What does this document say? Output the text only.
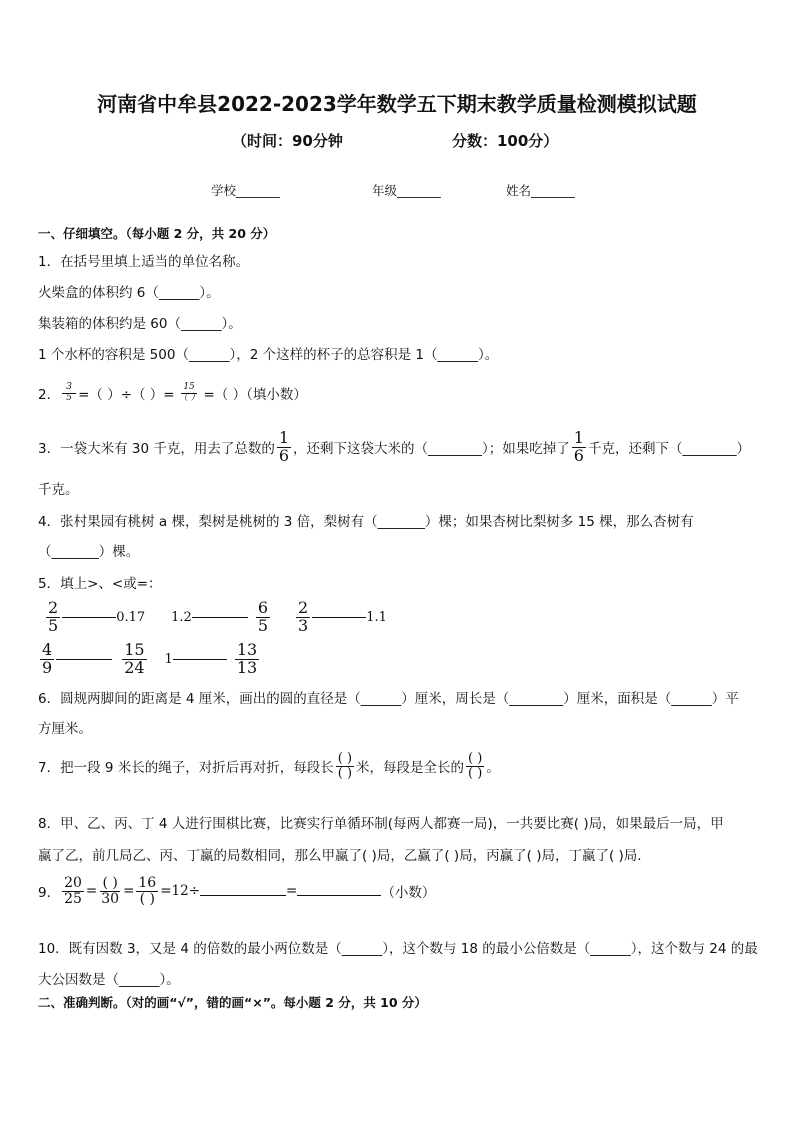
河南省中牟县2022-2023学年数学五下期末教学质量检测模拟试题
（时间：90分钟	分数：100分）
学校_______	年级_______	姓名_______
一、仔细填空。（每小题 2 分，共 20 分）
1．在括号里填上适当的单位名称。
火柴盒的体积约 6（______）。
集装箱的体积约是 60（______）。
1 个水杯的容积是 500（______），2 个这样的杯子的总容积是 1（______）。
2． $\frac{3}{5}$ =（ ）÷（ ）= $\frac{15}{( )}$ =（ ）（填小数）
3．一袋大米有 30 千克，用去了总数的 $\frac{1}{6}$ ，还剩下这袋大米的（________）；如果吃掉了 $\frac{1}{6}$ 千克，还剩下（________）
千克。
4．张村果园有桃树 a 棵，梨树是桃树的 3 倍，梨树有（_______）棵；如果杏树比梨树多 15 棵，那么杏树有
（_______）棵。
5．填上>、<或=：
$\frac{2}{5}$	0.17 1.2	$\frac{6}{5} \frac{2}{3}$	1.1
$\frac{4}{9}$	$\frac{15}{24} 1$	$\frac{13}{13}$
6．圆规两脚间的距离是 4 厘米，画出的圆的直径是（______）厘米，周长是（________）厘米，面积是（______）平
方厘米。
7．把一段 9 米长的绳子，对折后再对折，每段长 $\frac{( )}{( )}$ 米，每段是全长的 $\frac{( )}{( )}$ 。
8．甲、乙、丙、丁 4 人进行围棋比赛，比赛实行单循环制(每两人都赛一局)，一共要比赛( )局，如果最后一局，甲
赢了乙，前几局乙、丙、丁赢的局数相同，那么甲赢了( )局，乙赢了( )局，丙赢了( )局，丁赢了( )局.
9． $\frac{20}{25} = \frac{( )}{30} = \frac{16}{( )} =12\div$	=	（小数）
10．既有因数 3，又是 4 的倍数的最小两位数是（______），这个数与 18 的最小公倍数是（______），这个数与 24 的最
大公因数是（______）。
二、准确判断。（对的画“√”，错的画“×”。每小题 2 分，共 10 分）
